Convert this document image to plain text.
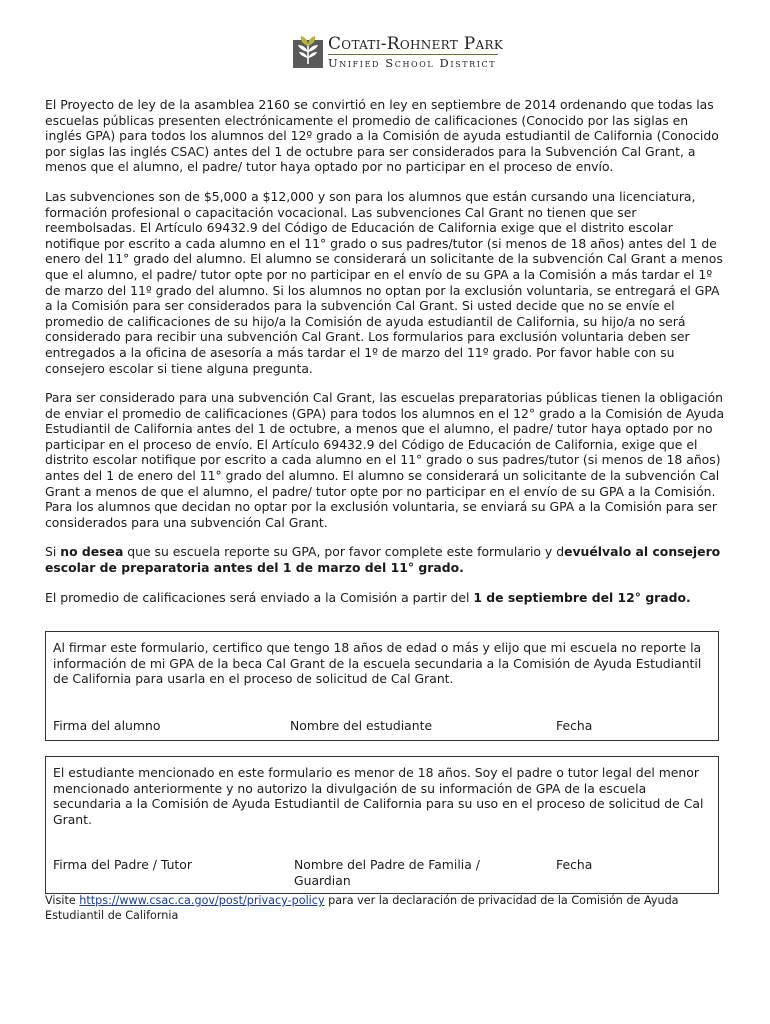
Cotati-Rohnert Park
Unified School District

El Proyecto de ley de la asamblea 2160 se convirtió en ley en septiembre de 2014 ordenando que todas las escuelas públicas presenten electrónicamente el promedio de calificaciones (Conocido por las siglas en inglés GPA) para todos los alumnos del 12º grado a la Comisión de ayuda estudiantil de California (Conocido por siglas las inglés CSAC) antes del 1 de octubre para ser considerados para la Subvención Cal Grant, a menos que el alumno, el padre/ tutor haya optado por no participar en el proceso de envío.

Las subvenciones son de $5,000 a $12,000 y son para los alumnos que están cursando una licenciatura, formación profesional o capacitación vocacional. Las subvenciones Cal Grant no tienen que ser reembolsadas. El Artículo 69432.9 del Código de Educación de California exige que el distrito escolar notifique por escrito a cada alumno en el 11° grado o sus padres/tutor (si menos de 18 años) antes del 1 de enero del 11° grado del alumno. El alumno se considerará un solicitante de la subvención Cal Grant a menos que el alumno, el padre/ tutor opte por no participar en el envío de su GPA a la Comisión a más tardar el 1º de marzo del 11º grado del alumno. Si los alumnos no optan por la exclusión voluntaria, se entregará el GPA a la Comisión para ser considerados para la subvención Cal Grant. Si usted decide que no se envíe el promedio de calificaciones de su hijo/a la Comisión de ayuda estudiantil de California, su hijo/a no será considerado para recibir una subvención Cal Grant. Los formularios para exclusión voluntaria deben ser entregados a la oficina de asesoría a más tardar el 1º de marzo del 11º grado. Por favor hable con su consejero escolar si tiene alguna pregunta.

Para ser considerado para una subvención Cal Grant, las escuelas preparatorias públicas tienen la obligación de enviar el promedio de calificaciones (GPA) para todos los alumnos en el 12° grado a la Comisión de Ayuda Estudiantil de California antes del 1 de octubre, a menos que el alumno, el padre/ tutor haya optado por no participar en el proceso de envío. El Artículo 69432.9 del Código de Educación de California, exige que el distrito escolar notifique por escrito a cada alumno en el 11° grado o sus padres/tutor (si menos de 18 años) antes del 1 de enero del 11° grado del alumno. El alumno se considerará un solicitante de la subvención Cal Grant a menos de que el alumno, el padre/ tutor opte por no participar en el envío de su GPA a la Comisión. Para los alumnos que decidan no optar por la exclusión voluntaria, se enviará su GPA a la Comisión para ser considerados para una subvención Cal Grant.

Si no desea que su escuela reporte su GPA, por favor complete este formulario y devuélvalo al consejero escolar de preparatoria antes del 1 de marzo del 11° grado.

El promedio de calificaciones será enviado a la Comisión a partir del 1 de septiembre del 12° grado.

Al firmar este formulario, certifico que tengo 18 años de edad o más y elijo que mi escuela no reporte la información de mi GPA de la beca Cal Grant de la escuela secundaria a la Comisión de Ayuda Estudiantil de California para usarla en el proceso de solicitud de Cal Grant.
_______________________
Firma del alumno
________________________
Nombre del estudiante
_________
Fecha
El estudiante mencionado en este formulario es menor de 18 años. Soy el padre o tutor legal del menor mencionado anteriormente y no autorizo la divulgación de su información de GPA de la escuela secundaria a la Comisión de Ayuda Estudiantil de California para su uso en el proceso de solicitud de Cal Grant.
_______________________
Firma del Padre / Tutor
________________________
Nombre del Padre de Familia / Guardian
_________
Fecha
Visite https://www.csac.ca.gov/post/privacy-policy para ver la declaración de privacidad de la Comisión de Ayuda Estudiantil de California
